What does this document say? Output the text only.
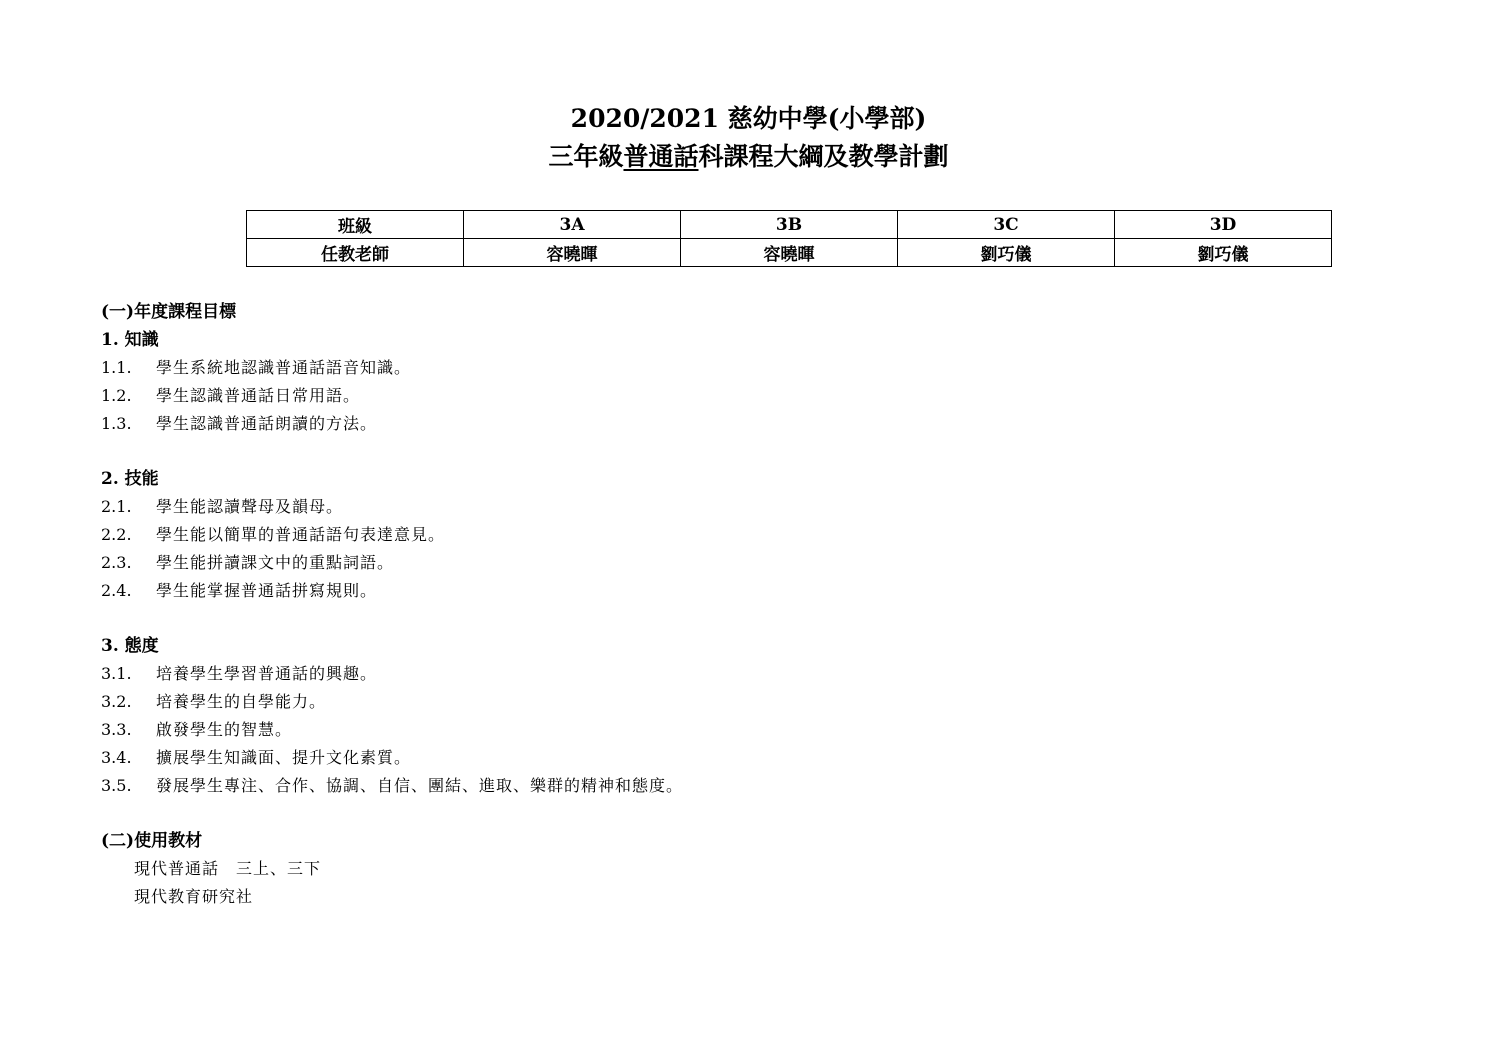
2020/2021 慈幼中學(小學部)
三年級普通話科課程大綱及教學計劃
班級	3A	3B	3C	3D
任教老師	容曉暉	容曉暉	劉巧儀	劉巧儀
(一)年度課程目標
1. 知識
1.1. 學生系統地認識普通話語音知識。
1.2. 學生認識普通話日常用語。
1.3. 學生認識普通話朗讀的方法。
2. 技能
2.1. 學生能認讀聲母及韻母。
2.2. 學生能以簡單的普通話語句表達意見。
2.3. 學生能拼讀課文中的重點詞語。
2.4. 學生能掌握普通話拼寫規則。
3. 態度
3.1. 培養學生學習普通話的興趣。
3.2. 培養學生的自學能力。
3.3. 啟發學生的智慧。
3.4. 擴展學生知識面、提升文化素質。
3.5. 發展學生專注、合作、協調、自信、團結、進取、樂群的精神和態度。
(二)使用教材
現代普通話　三上、三下
現代教育研究社
